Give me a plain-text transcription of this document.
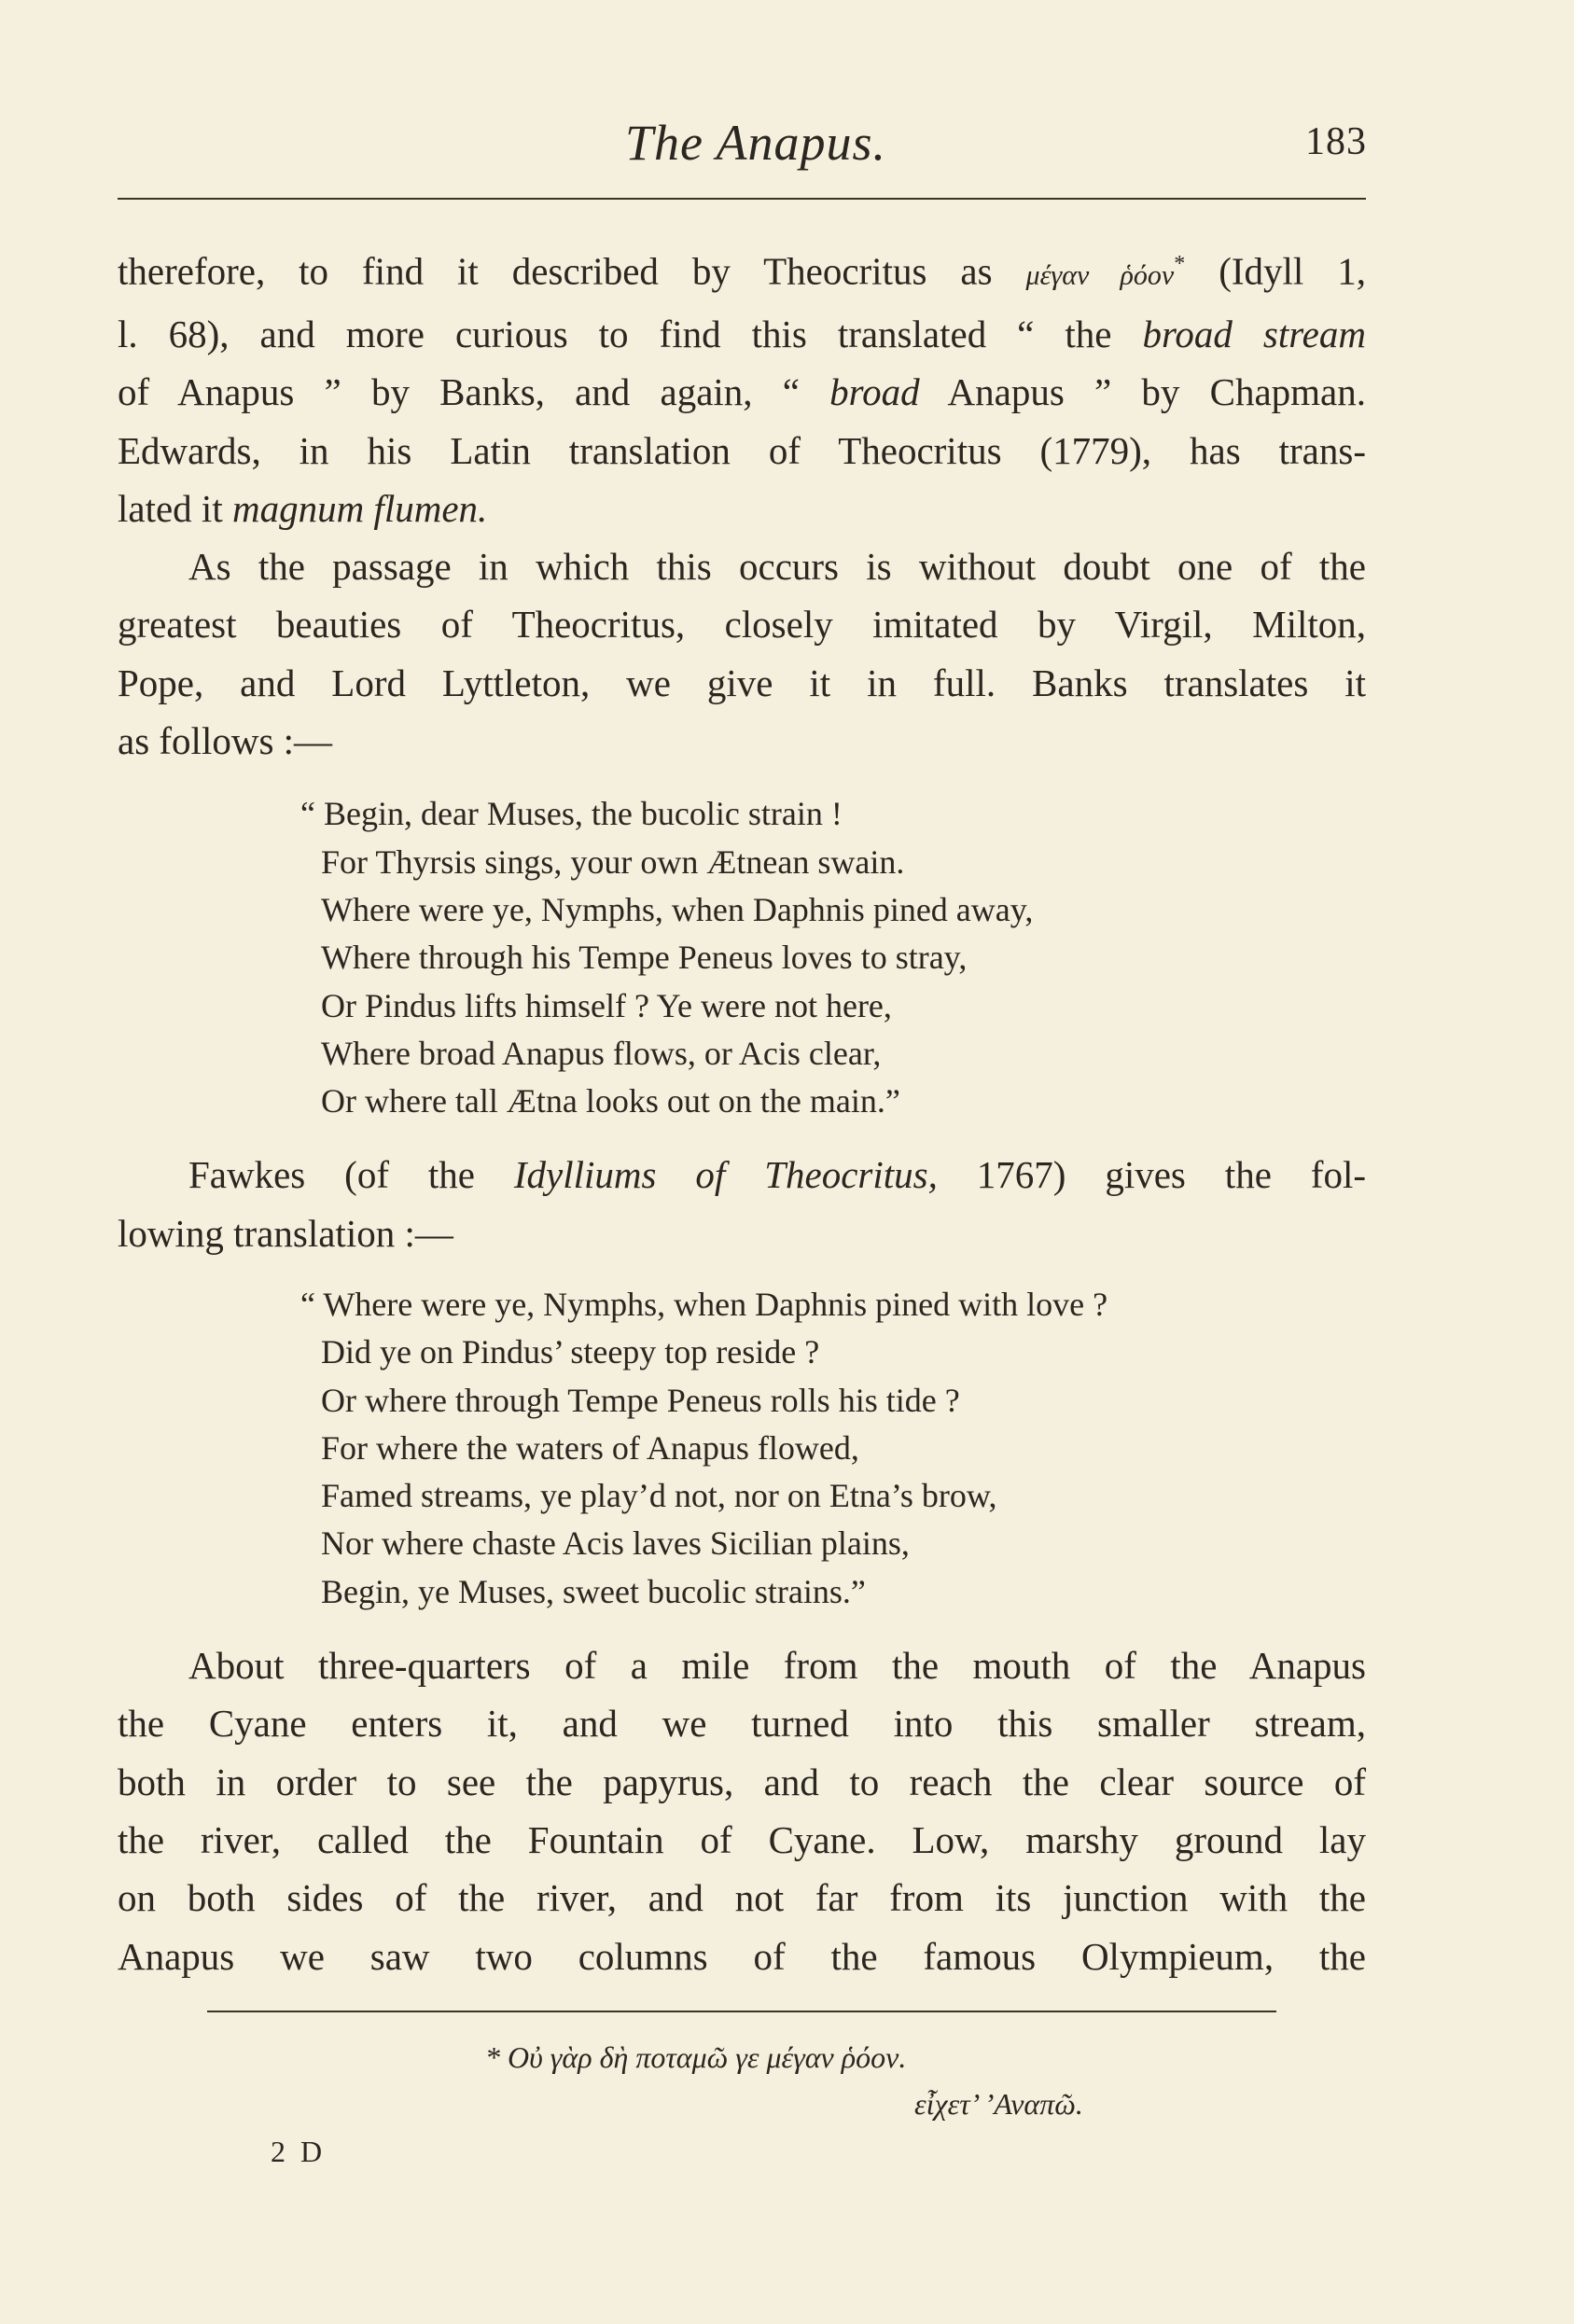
The Anapus.	183

therefore, to find it described by Theocritus as μέγαν ῥόον* (Idyll 1,
l. 68), and more curious to find this translated “ the broad stream
of Anapus ” by Banks, and again, “ broad Anapus ” by Chapman.
Edwards, in his Latin translation of Theocritus (1779), has trans-
lated it magnum flumen.

As the passage in which this occurs is without doubt one of the
greatest beauties of Theocritus, closely imitated by Virgil, Milton,
Pope, and Lord Lyttleton, we give it in full. Banks translates it
as follows :—

“ Begin, dear Muses, the bucolic strain !
For Thyrsis sings, your own Ætnean swain.
Where were ye, Nymphs, when Daphnis pined away,
Where through his Tempe Peneus loves to stray,
Or Pindus lifts himself ? Ye were not here,
Where broad Anapus flows, or Acis clear,
Or where tall Ætna looks out on the main.”

Fawkes (of the Idylliums of Theocritus, 1767) gives the fol-
lowing translation :—

“ Where were ye, Nymphs, when Daphnis pined with love ?
Did ye on Pindus’ steepy top reside ?
Or where through Tempe Peneus rolls his tide ?
For where the waters of Anapus flowed,
Famed streams, ye play’d not, nor on Etna’s brow,
Nor where chaste Acis laves Sicilian plains,
Begin, ye Muses, sweet bucolic strains.”

About three-quarters of a mile from the mouth of the Anapus
the Cyane enters it, and we turned into this smaller stream,
both in order to see the papyrus, and to reach the clear source of
the river, called the Fountain of Cyane. Low, marshy ground lay
on both sides of the river, and not far from its junction with the
Anapus we saw two columns of the famous Olympieum, the

* Οὐ γὰρ δὴ ποταμῶ γε μέγαν ῥόον.
εἶχετ’ ’Αναπῶ.
2 D
